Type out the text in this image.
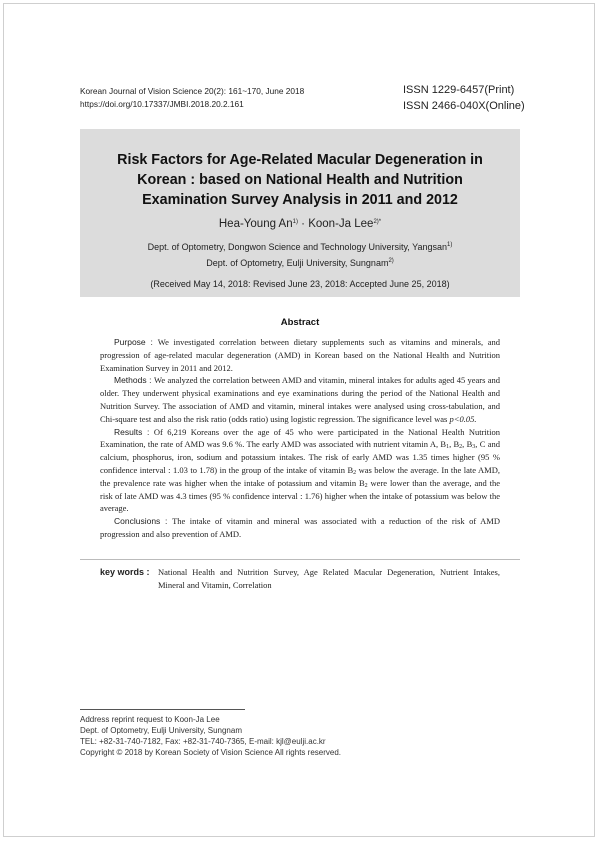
Korean Journal of Vision Science 20(2): 161~170, June 2018
https://doi.org/10.17337/JMBI.2018.20.2.161
ISSN 1229-6457(Print)
ISSN 2466-040X(Online)
Risk Factors for Age-Related Macular Degeneration in
Korean : based on National Health and Nutrition
Examination Survey Analysis in 2011 and 2012
Hea-Young $An^{1)}$ · Koon-Ja Lee$^{2)*}$
Dept. of Optometry, Dongwon Science and Technology University, Yangsan$^{1)}$
Dept. of Optometry, Eulji University, Sungnam$^{2)}$
(Received May 14, 2018: Revised June 23, 2018: Accepted June 25, 2018)
Abstract

Purpose : We investigated correlation between dietary supplements such as vitamins and minerals, and progression of age-related macular degeneration (AMD) in Korean based on the National Health and Nutrition Examination Survey in 2011 and 2012.

Methods : We analyzed the correlation between AMD and vitamin, mineral intakes for adults aged 45 years and older. They underwent physical examinations and eye examinations during the period of the National Health and Nutrition Survey. The association of AMD and vitamin, mineral intakes were analysed using cross-tabulation, and Chi-square test and also the risk ratio (odds ratio) using logistic regression. The significance level was p<0.05.

Results : Of 6,219 Koreans over the age of 45 who were participated in the National Health Nutrition Examination, the rate of AMD was 9.6 %. The early AMD was associated with nutrient vitamin A, $B_1$, $B_2$, $B_3$, C and calcium, phosphorus, iron, sodium and potassium intakes. The risk of early AMD was 1.35 times higher (95 % confidence interval : 1.03 to 1.78) in the group of the intake of vitamin $B_2$ was below the average. In the late AMD, the prevalence rate was higher when the intake of potassium and vitamin $B_2$ were lower than the average, and the risk of late AMD was 4.3 times (95 % confidence interval : 1.76) higher when the intake of potassium was below the average.

Conclusions : The intake of vitamin and mineral was associated with a reduction of the risk of AMD progression and also prevention of AMD.

key words : National Health and Nutrition Survey, Age Related Macular Degeneration, Nutrient Intakes, Mineral and Vitamin, Correlation
Address reprint request to Koon-Ja Lee
Dept. of Optometry, Eulji University, Sungnam
TEL: +82-31-740-7182, Fax: +82-31-740-7365, E-mail: kjl@eulji.ac.kr
Copyright © 2018 by Korean Society of Vision Science All rights reserved.
